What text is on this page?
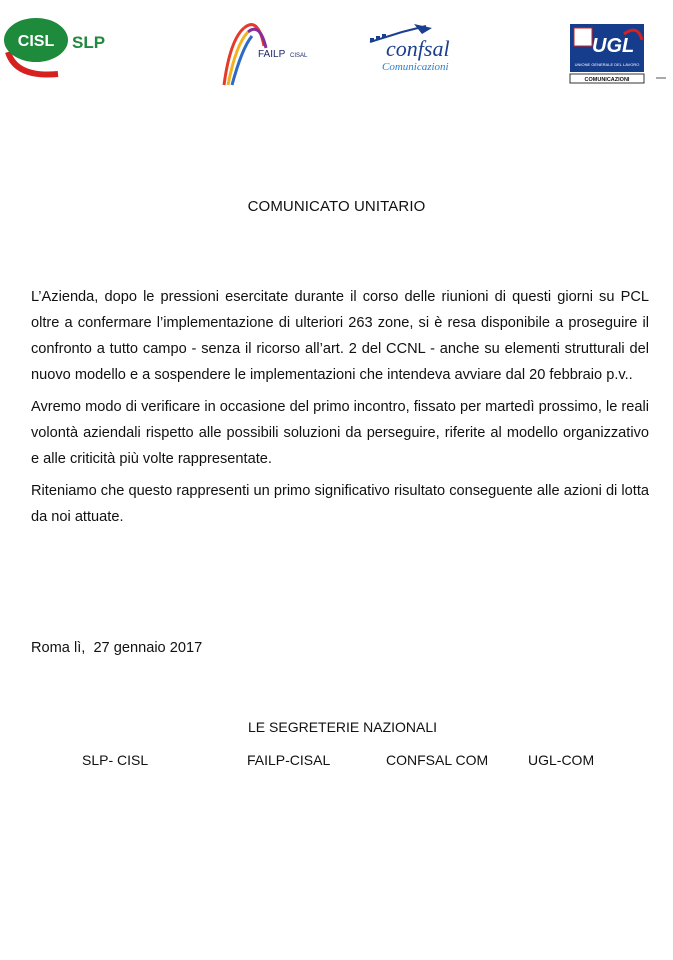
CISL SLP
FAILP CISAL	confsal
Comunicazioni
UGL
UNIONE GENERALE DEL LAVORO
COMUNICAZIONI
COMUNICATO UNITARIO

L’Azienda, dopo le pressioni esercitate durante il corso delle riunioni di questi giorni su PCL oltre a confermare l’implementazione di ulteriori 263 zone, si è resa disponibile a proseguire il confronto a tutto campo - senza il ricorso all’art. 2 del CCNL - anche su elementi strutturali del nuovo modello e a sospendere le implementazioni che intendeva avviare dal 20 febbraio p.v..

Avremo modo di verificare in occasione del primo incontro, fissato per martedì prossimo, le reali volontà aziendali rispetto alle possibili soluzioni da perseguire, riferite al modello organizzativo e alle criticità più volte rappresentate.

Riteniamo che questo rappresenti un primo significativo risultato conseguente alle azioni di lotta da noi attuate.

Roma lì,  27 gennaio 2017
LE SEGRETERIE NAZIONALI
SLP- CISL	FAILP-CISAL	CONFSAL COM	UGL-COM
